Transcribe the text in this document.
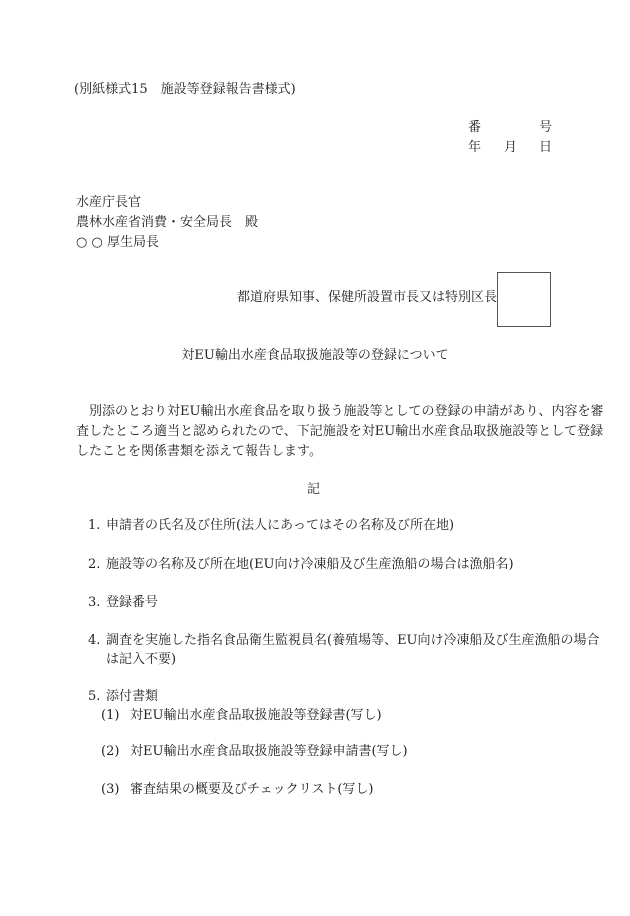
(別紙様式15　施設等登録報告書様式)
番	号
年 月 日
水産庁長官
農林水産省消費・安全局長　殿
○ ○ 厚生局長
都道府県知事、保健所設置市長又は特別区長
対EU輸出水産食品取扱施設等の登録について
　別添のとおり対EU輸出水産食品を取り扱う施設等としての登録の申請があり、内容を審
査したところ適当と認められたので、下記施設を対EU輸出水産食品取扱施設等として登録
したことを関係書類を添えて報告します。
記
1. 申請者の氏名及び住所(法人にあってはその名称及び所在地)
2. 施設等の名称及び所在地(EU向け冷凍船及び生産漁船の場合は漁船名)
3. 登録番号
4. 調査を実施した指名食品衛生監視員名(養殖場等、EU向け冷凍船及び生産漁船の場合
は記入不要)
5. 添付書類
(1) 対EU輸出水産食品取扱施設等登録書(写し)
(2) 対EU輸出水産食品取扱施設等登録申請書(写し)
(3) 審査結果の概要及びチェックリスト(写し)
